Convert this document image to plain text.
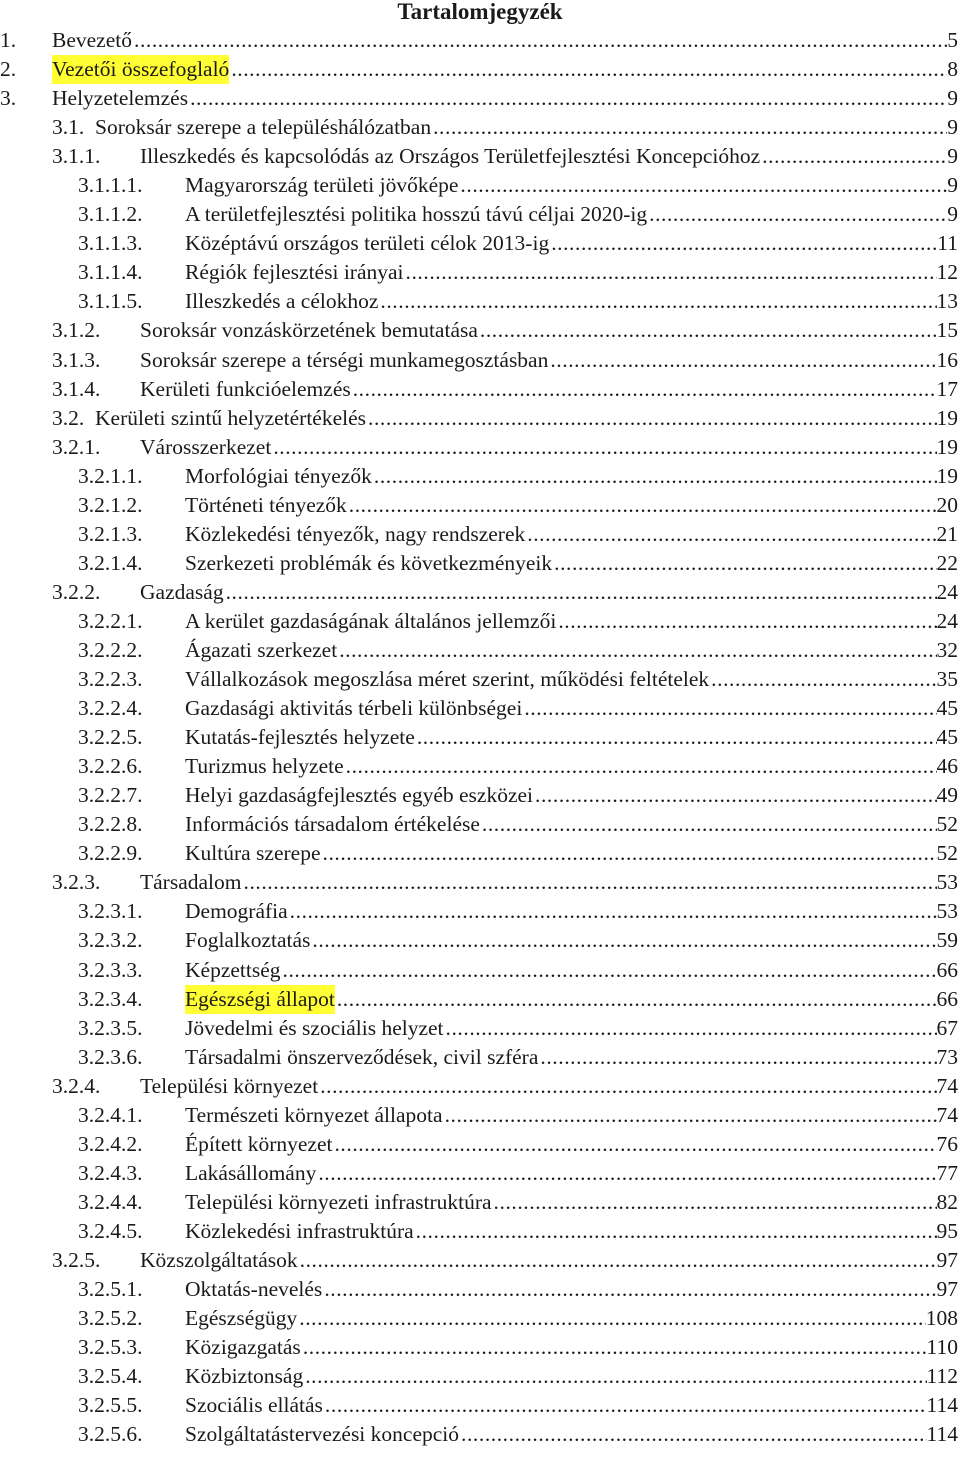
Tartalomjegyzék
1. Bevezető . . .	5
2. Vezetői összefoglaló . . .	8
3. Helyzetelemzés . . .	9
3.1. Soroksár szerepe a településhálózatban . . .	9
3.1.1. Illeszkedés és kapcsolódás az Országos Területfejlesztési Koncepcióhoz . . .	9
3.1.1.1. Magyarország területi jövőképe . . .	9
3.1.1.2. A területfejlesztési politika hosszú távú céljai 2020-ig . . .	9
3.1.1.3. Középtávú országos területi célok 2013-ig . . .	11
3.1.1.4. Régiók fejlesztési irányai . . .	12
3.1.1.5. Illeszkedés a célokhoz . . .	13
3.1.2. Soroksár vonzáskörzetének bemutatása . . .	15
3.1.3. Soroksár szerepe a térségi munkamegosztásban . . .	16
3.1.4. Kerületi funkcióelemzés . . .	17
3.2. Kerületi szintű helyzetértékelés . . .	19
3.2.1. Városszerkezet . . .	19
3.2.1.1. Morfológiai tényezők . . .	19
3.2.1.2. Történeti tényezők . . .	20
3.2.1.3. Közlekedési tényezők, nagy rendszerek . . .	21
3.2.1.4. Szerkezeti problémák és következményeik . . .	22
3.2.2. Gazdaság . . .	24
3.2.2.1. A kerület gazdaságának általános jellemzői . . .	24
3.2.2.2. Ágazati szerkezet . . .	32
3.2.2.3. Vállalkozások megoszlása méret szerint, működési feltételek . . .	35
3.2.2.4. Gazdasági aktivitás térbeli különbségei . . .	45
3.2.2.5. Kutatás-fejlesztés helyzete . . .	45
3.2.2.6. Turizmus helyzete . . .	46
3.2.2.7. Helyi gazdaságfejlesztés egyéb eszközei . . .	49
3.2.2.8. Információs társadalom értékelése . . .	52
3.2.2.9. Kultúra szerepe . . .	52
3.2.3. Társadalom . . .	53
3.2.3.1. Demográfia . . .	53
3.2.3.2. Foglalkoztatás . . .	59
3.2.3.3. Képzettség . . .	66
3.2.3.4. Egészségi állapot . . .	66
3.2.3.5. Jövedelmi és szociális helyzet . . .	67
3.2.3.6. Társadalmi önszerveződések, civil szféra . . .	73
3.2.4. Települési környezet . . .	74
3.2.4.1. Természeti környezet állapota . . .	74
3.2.4.2. Épített környezet . . .	76
3.2.4.3. Lakásállomány . . .	77
3.2.4.4. Települési környezeti infrastruktúra . . .	82
3.2.4.5. Közlekedési infrastruktúra . . .	95
3.2.5. Közszolgáltatások . . .	97
3.2.5.1. Oktatás-nevelés . . .	97
3.2.5.2. Egészségügy . . .	108
3.2.5.3. Közigazgatás . . .	110
3.2.5.4. Közbiztonság . . .	112
3.2.5.5. Szociális ellátás . . .	114
3.2.5.6. Szolgáltatástervezési koncepció . . .	114
